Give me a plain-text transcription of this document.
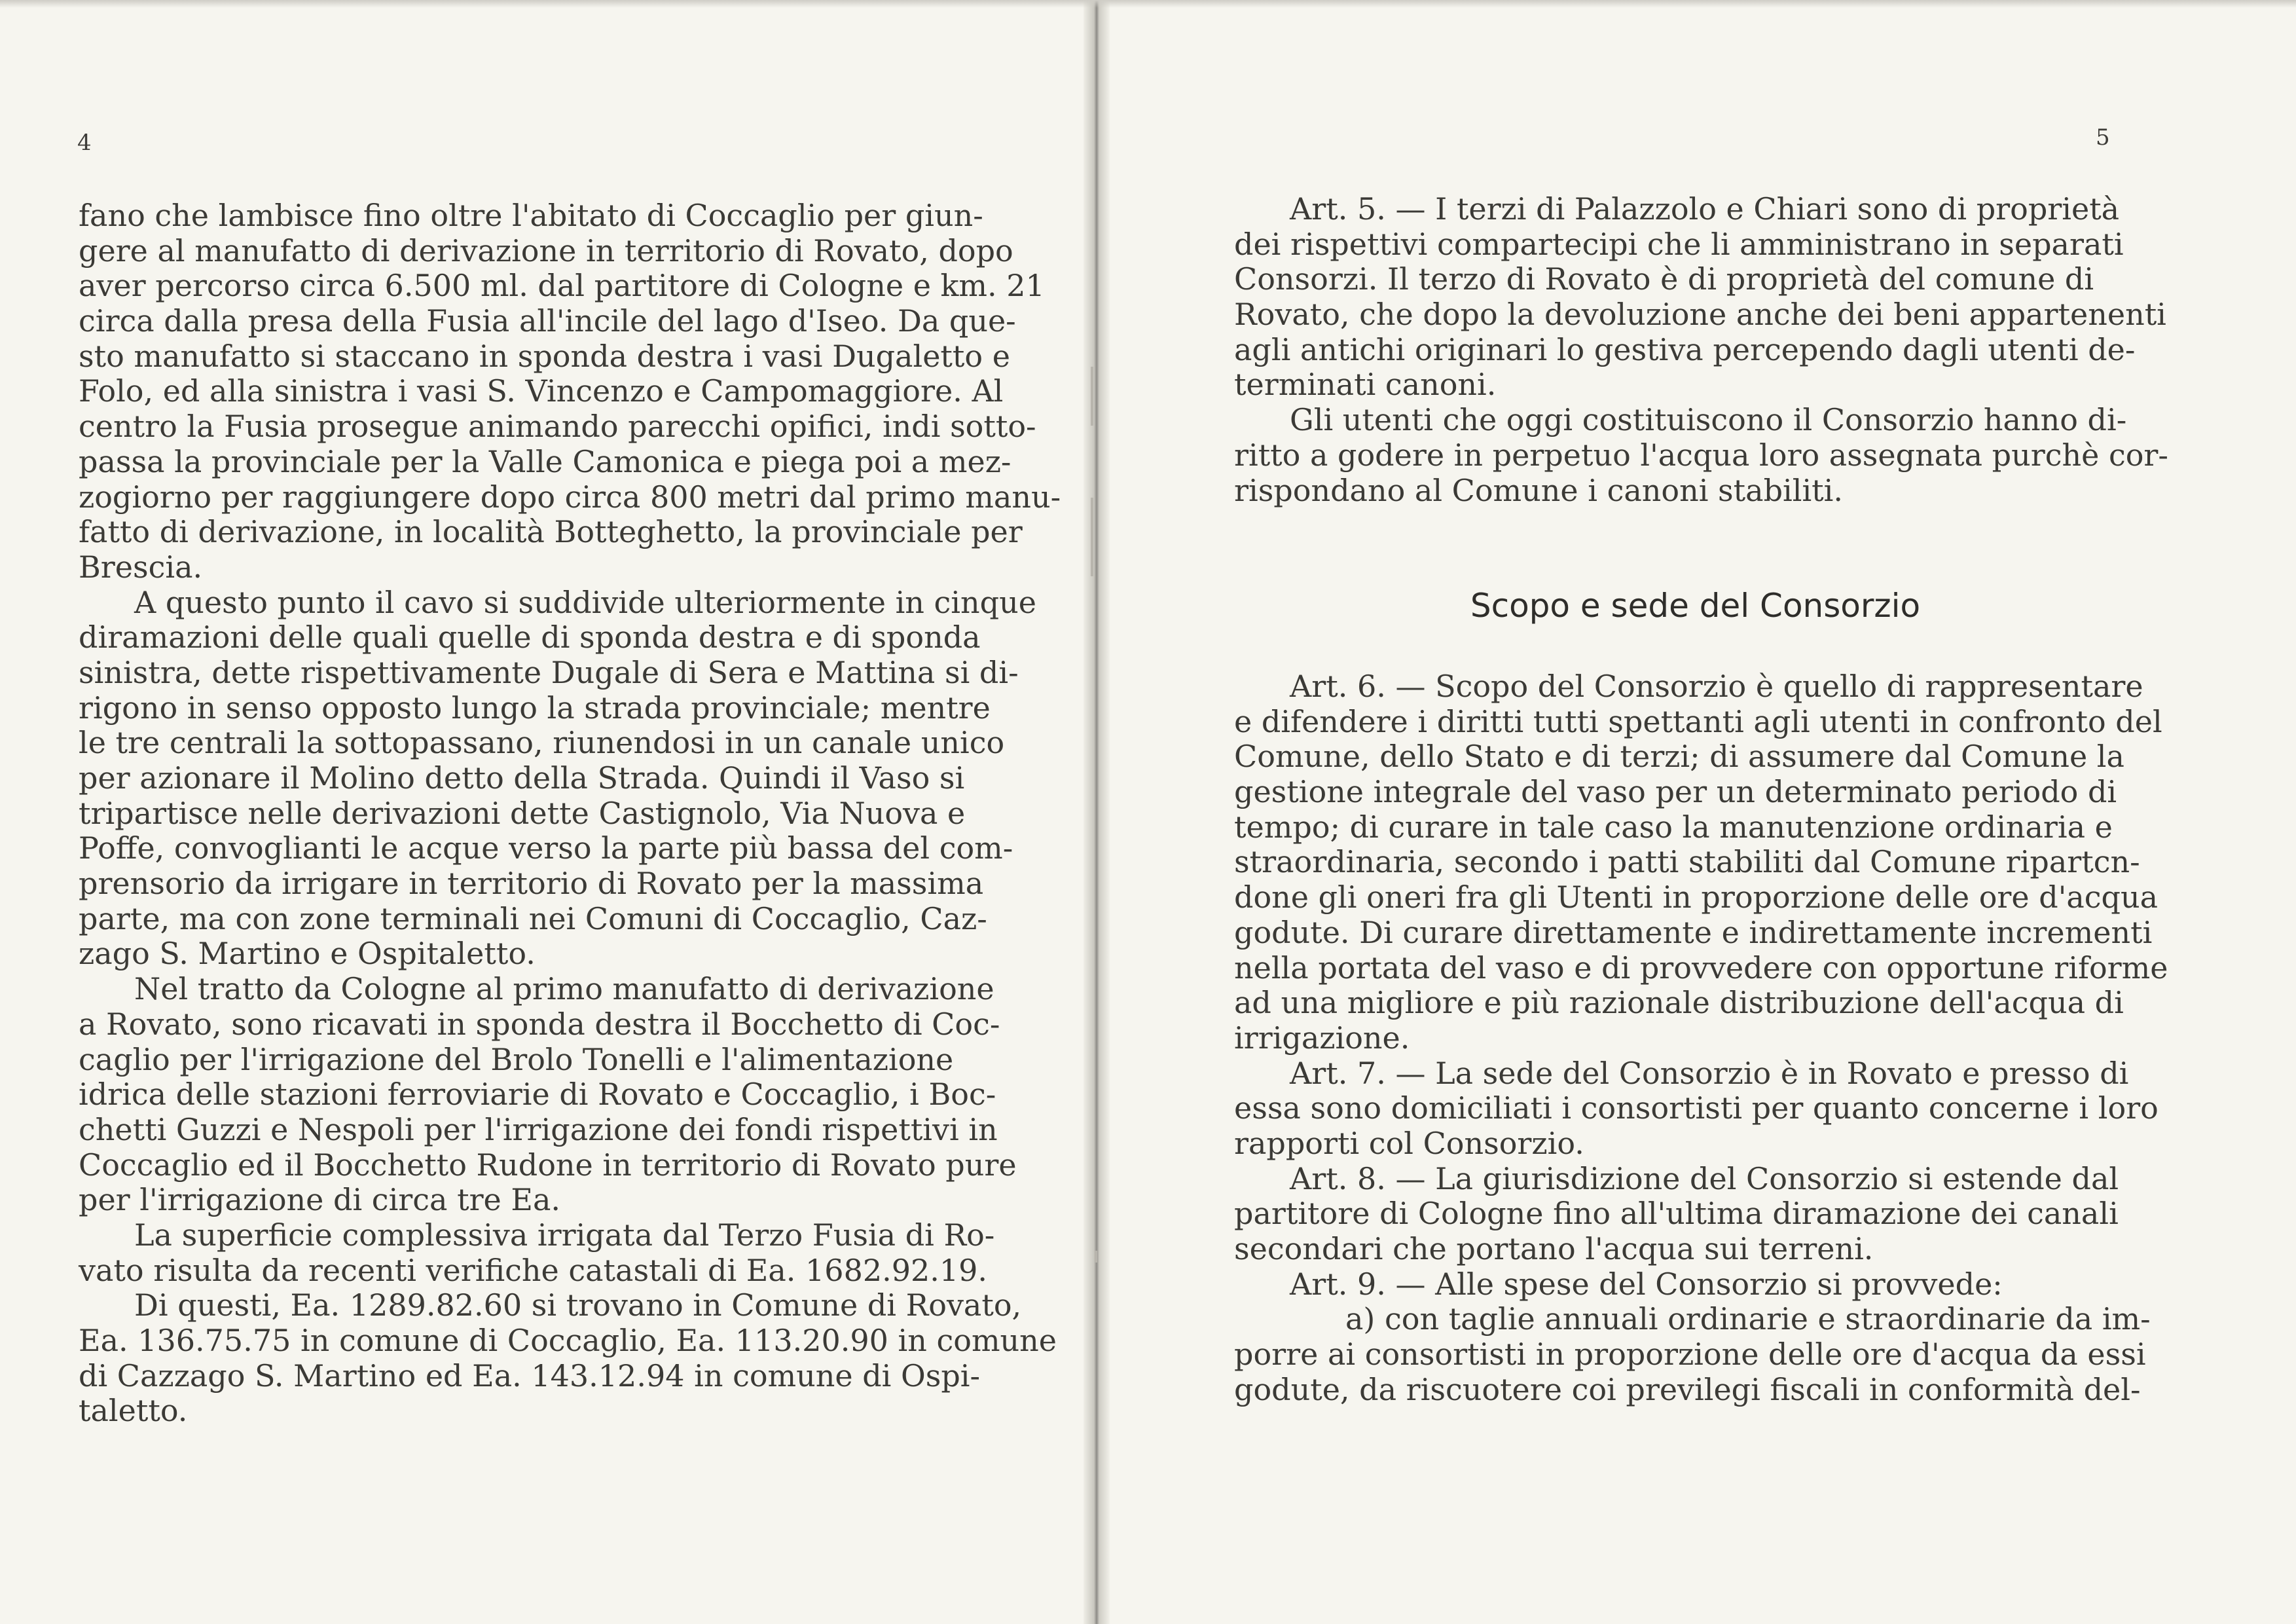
4	5
fano che lambisce fino oltre l'abitato di Coccaglio per giun-
gere al manufatto di derivazione in territorio di Rovato, dopo
aver percorso circa 6.500 ml. dal partitore di Cologne e km. 21
circa dalla presa della Fusia all'incile del lago d'Iseo. Da que-
sto manufatto si staccano in sponda destra i vasi Dugaletto e
Folo, ed alla sinistra i vasi S. Vincenzo e Campomaggiore. Al
centro la Fusia prosegue animando parecchi opifici, indi sotto-
passa la provinciale per la Valle Camonica e piega poi a mez-
zogiorno per raggiungere dopo circa 800 metri dal primo manu-
fatto di derivazione, in località Botteghetto, la provinciale per
Brescia.
A questo punto il cavo si suddivide ulteriormente in cinque
diramazioni delle quali quelle di sponda destra e di sponda
sinistra, dette rispettivamente Dugale di Sera e Mattina si di-
rigono in senso opposto lungo la strada provinciale; mentre
le tre centrali la sottopassano, riunendosi in un canale unico
per azionare il Molino detto della Strada. Quindi il Vaso si
tripartisce nelle derivazioni dette Castignolo, Via Nuova e
Poffe, convoglianti le acque verso la parte più bassa del com-
prensorio da irrigare in territorio di Rovato per la massima
parte, ma con zone terminali nei Comuni di Coccaglio, Caz-
zago S. Martino e Ospitaletto.
Nel tratto da Cologne al primo manufatto di derivazione
a Rovato, sono ricavati in sponda destra il Bocchetto di Coc-
caglio per l'irrigazione del Brolo Tonelli e l'alimentazione
idrica delle stazioni ferroviarie di Rovato e Coccaglio, i Boc-
chetti Guzzi e Nespoli per l'irrigazione dei fondi rispettivi in
Coccaglio ed il Bocchetto Rudone in territorio di Rovato pure
per l'irrigazione di circa tre Ea.
La superficie complessiva irrigata dal Terzo Fusia di Ro-
vato risulta da recenti verifiche catastali di Ea. 1682.92.19.
Di questi, Ea. 1289.82.60 si trovano in Comune di Rovato,
Ea. 136.75.75 in comune di Coccaglio, Ea. 113.20.90 in comune
di Cazzago S. Martino ed Ea. 143.12.94 in comune di Ospi-
taletto.
Art. 5. — I terzi di Palazzolo e Chiari sono di proprietà
dei rispettivi compartecipi che li amministrano in separati
Consorzi. Il terzo di Rovato è di proprietà del comune di
Rovato, che dopo la devoluzione anche dei beni appartenenti
agli antichi originari lo gestiva percependo dagli utenti de-
terminati canoni.
Gli utenti che oggi costituiscono il Consorzio hanno di-
ritto a godere in perpetuo l'acqua loro assegnata purchè cor-
rispondano al Comune i canoni stabiliti.
Scopo e sede del Consorzio
Art. 6. — Scopo del Consorzio è quello di rappresentare
e difendere i diritti tutti spettanti agli utenti in confronto del
Comune, dello Stato e di terzi; di assumere dal Comune la
gestione integrale del vaso per un determinato periodo di
tempo; di curare in tale caso la manutenzione ordinaria e
straordinaria, secondo i patti stabiliti dal Comune ripartcn-
done gli oneri fra gli Utenti in proporzione delle ore d'acqua
godute. Di curare direttamente e indirettamente incrementi
nella portata del vaso e di provvedere con opportune riforme
ad una migliore e più razionale distribuzione dell'acqua di
irrigazione.
Art. 7. — La sede del Consorzio è in Rovato e presso di
essa sono domiciliati i consortisti per quanto concerne i loro
rapporti col Consorzio.
Art. 8. — La giurisdizione del Consorzio si estende dal
partitore di Cologne fino all'ultima diramazione dei canali
secondari che portano l'acqua sui terreni.
Art. 9. — Alle spese del Consorzio si provvede:
a) con taglie annuali ordinarie e straordinarie da im-
porre ai consortisti in proporzione delle ore d'acqua da essi
godute, da riscuotere coi previlegi fiscali in conformità del-
